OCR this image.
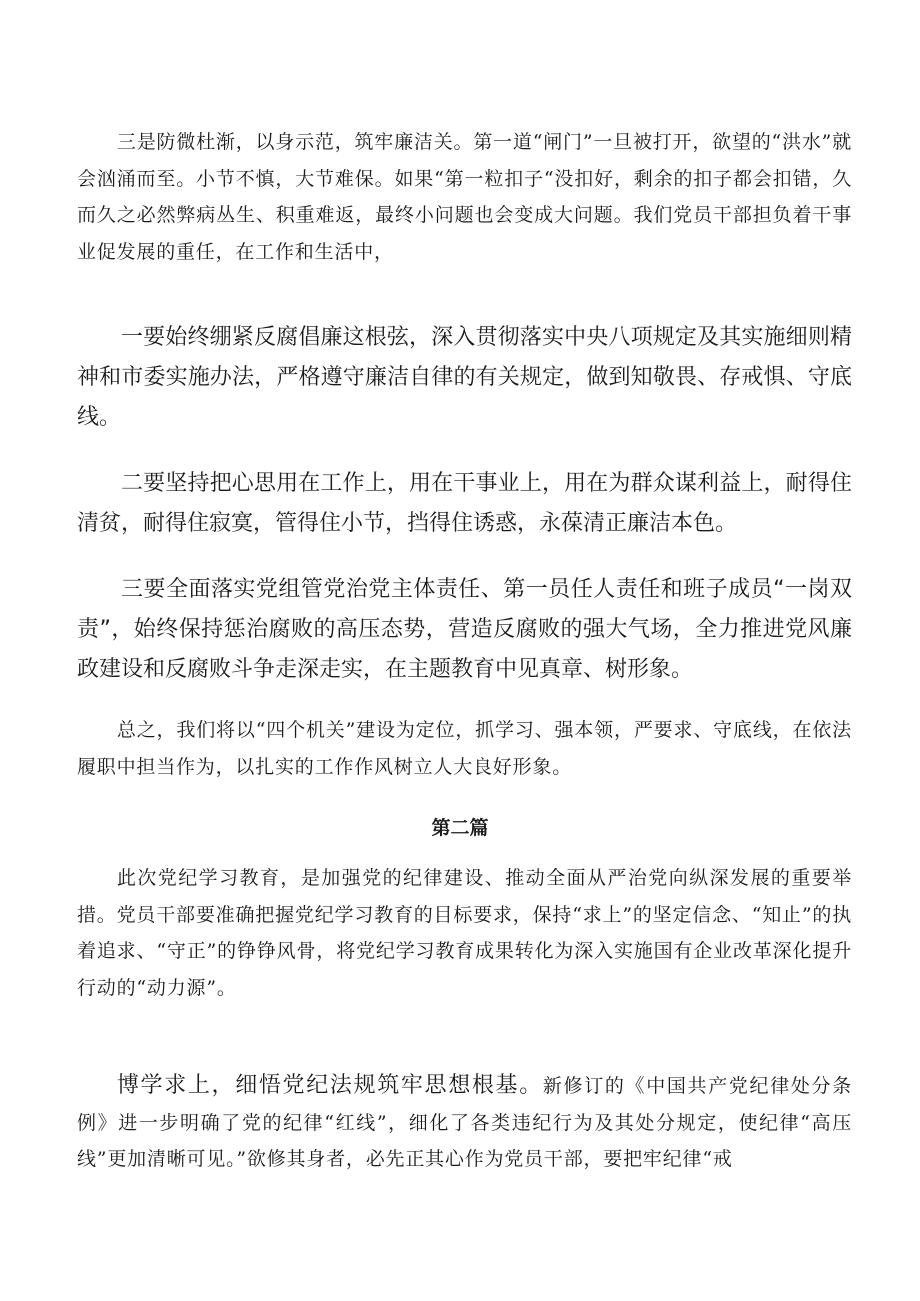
三是防微杜渐，以身示范，筑牢廉洁关。第一道“闸门”一旦被打开，欲望的“洪水”就会汹涌而至。小节不慎，大节难保。如果“第一粒扣子“没扣好，剩余的扣子都会扣错，久而久之必然弊病丛生、积重难返，最终小问题也会变成大问题。我们党员干部担负着干事业促发展的重任，在工作和生活中，

一要始终绷紧反腐倡廉这根弦，深入贯彻落实中央八项规定及其实施细则精神和市委实施办法，严格遵守廉洁自律的有关规定，做到知敬畏、存戒惧、守底线。

二要坚持把心思用在工作上，用在干事业上，用在为群众谋利益上，耐得住清贫，耐得住寂寞，管得住小节，挡得住诱惑，永葆清正廉洁本色。

三要全面落实党组管党治党主体责任、第一员任人责任和班子成员“一岗双责”，始终保持惩治腐败的高压态势，营造反腐败的强大气场，全力推进党风廉政建设和反腐败斗争走深走实，在主题教育中见真章、树形象。

总之，我们将以“四个机关”建设为定位，抓学习、强本领，严要求、守底线，在依法履职中担当作为，以扎实的工作作风树立人大良好形象。

第二篇

此次党纪学习教育，是加强党的纪律建设、推动全面从严治党向纵深发展的重要举措。党员干部要准确把握党纪学习教育的目标要求，保持“求上”的坚定信念、“知止”的执着追求、“守正”的铮铮风骨，将党纪学习教育成果转化为深入实施国有企业改革深化提升行动的“动力源”。

博学求上，细悟党纪法规筑牢思想根基。新修订的《中国共产党纪律处分条例》进一步明确了党的纪律“红线”，细化了各类违纪行为及其处分规定，使纪律“高压线”更加清晰可见。”欲修其身者，必先正其心作为党员干部，要把牢纪律“戒
